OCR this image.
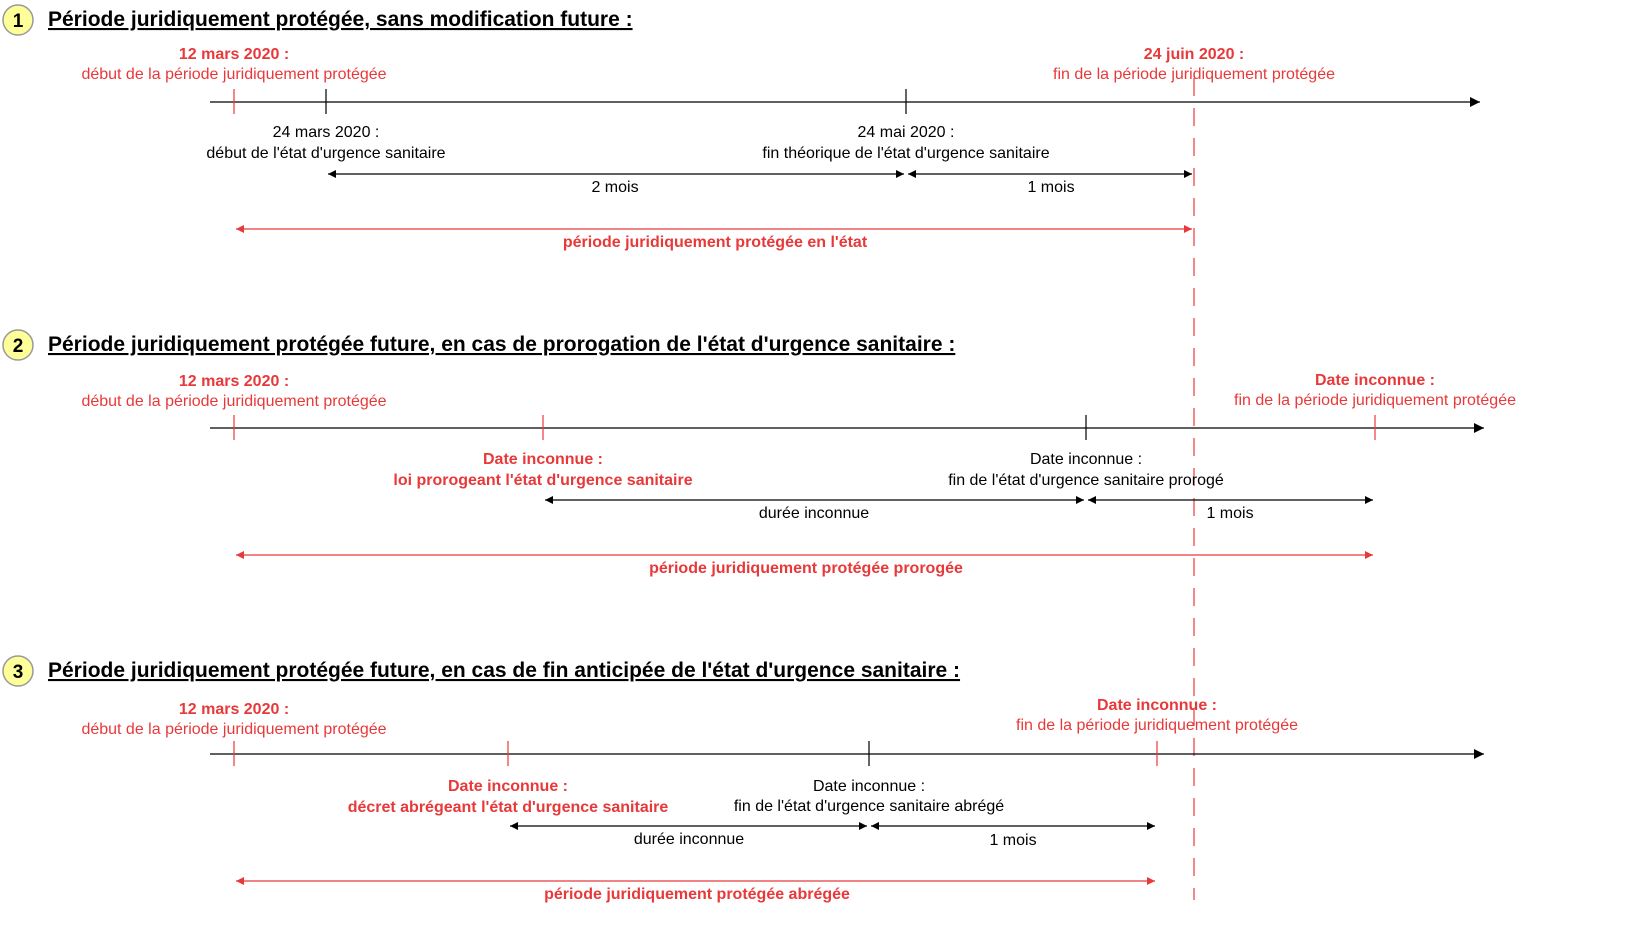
1 Période juridiquement protégée, sans modification future :
12 mars 2020 :
début de la période juridiquement protégée
24 juin 2020 :
fin de la période juridiquement protégée
24 mars 2020 :
début de l'état d'urgence sanitaire
24 mai 2020 :
fin théorique de l'état d'urgence sanitaire
2 mois	1 mois
période juridiquement protégée en l'état
2 Période juridiquement protégée future, en cas de prorogation de l'état d'urgence sanitaire :
12 mars 2020 :
début de la période juridiquement protégée
Date inconnue :
fin de la période juridiquement protégée
Date inconnue :
loi prorogeant l'état d'urgence sanitaire
Date inconnue :
fin de l'état d'urgence sanitaire prorogé
durée inconnue	1 mois
période juridiquement protégée prorogée
3 Période juridiquement protégée future, en cas de fin anticipée de l'état d'urgence sanitaire :
12 mars 2020 :
début de la période juridiquement protégée
Date inconnue :
fin de la période juridiquement protégée
Date inconnue :
décret abrégeant l'état d'urgence sanitaire
Date inconnue :
fin de l'état d'urgence sanitaire abrégé
durée inconnue	1 mois
période juridiquement protégée abrégée
